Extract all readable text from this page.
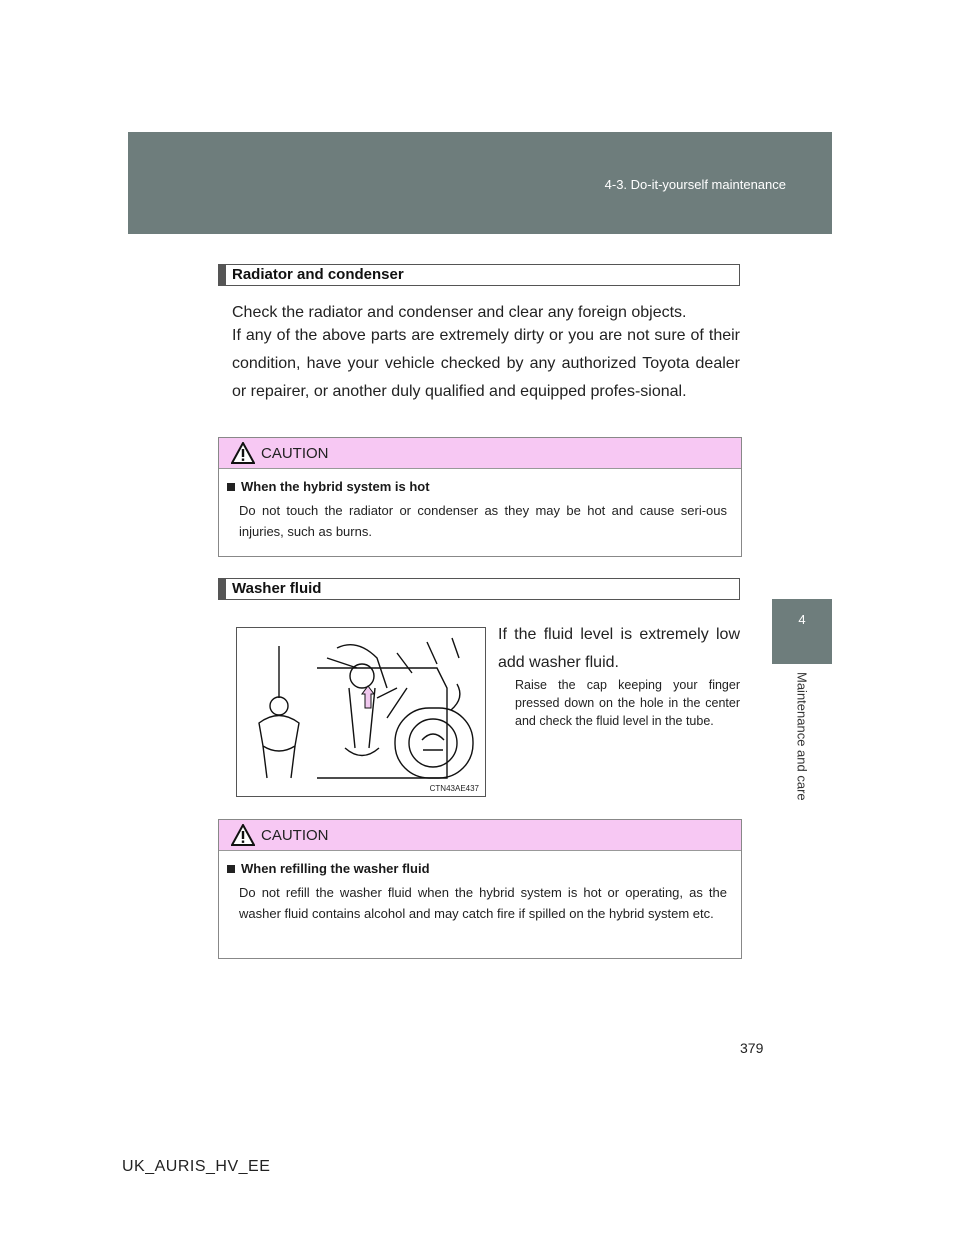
4-3. Do-it-yourself maintenance
4
Maintenance and care
Radiator and condenser

Check the radiator and condenser and clear any foreign objects.

If any of the above parts are extremely dirty or you are not sure of their condition, have your vehicle checked by any authorized Toyota dealer or repairer, or another duly qualified and equipped profes-sional.

CAUTION
When the hybrid system is hot
Do not touch the radiator or condenser as they may be hot and cause seri-ous injuries, such as burns.
Washer fluid
CTN43AE437

If the fluid level is extremely low add washer fluid.

Raise the cap keeping your finger pressed down on the hole in the center and check the fluid level in the tube.

CAUTION
When refilling the washer fluid
Do not refill the washer fluid when the hybrid system is hot or operating, as the washer fluid contains alcohol and may catch fire if spilled on the hybrid system etc.
379
UK_AURIS_HV_EE
